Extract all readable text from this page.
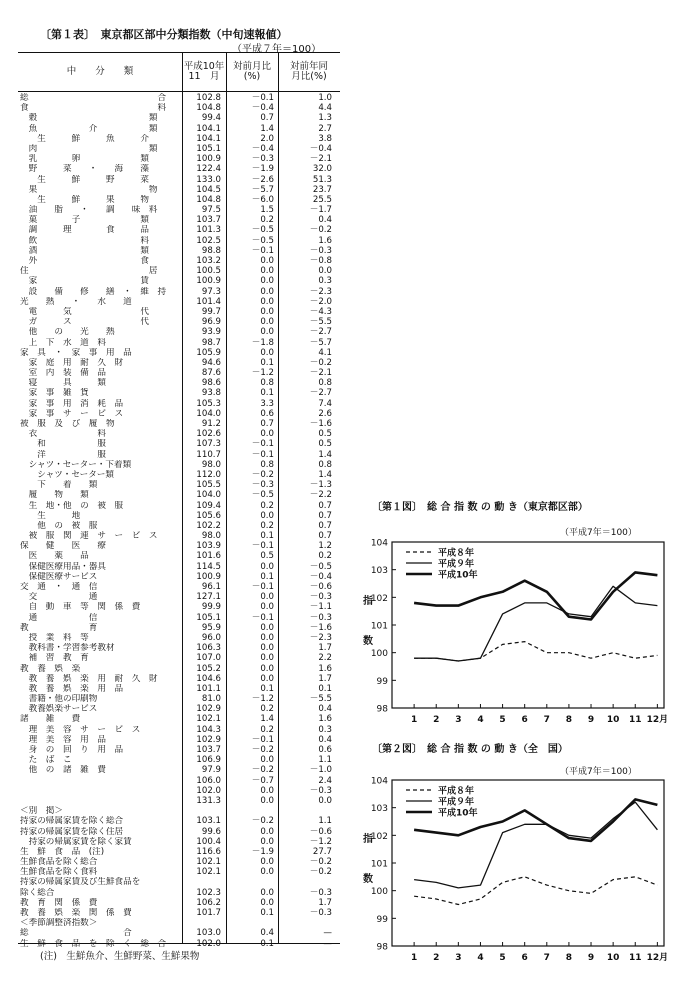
〔第１表〕　東京都区部中分類指数（中旬速報値）
（平成７年＝100）
中　　分　　類	平成10年
11　月
対前月比
(%)
対前年同
月比(%)
総　　　　　　　　　　　　　　　合	102.8	－0.1	1.0
食　　　　　　　　　　　　　　　料	104.8	－0.4	4.4
　穀　　　　　　　　　　　　　類	99.4	0.7	1.3
　魚　　　　　　介　　　　　　類	104.1	1.4	2.7
　　生　　　鮮　　　魚　　　介	104.1	2.0	3.8
　肉　　　　　　　　　　　　　類	105.1	－0.4	－0.4
　乳　　　　卵　　　　　　　類	100.9	－0.3	－2.1
　野　　　菜　　・　　海　　藻	122.4	－1.9	32.0
　　生　　　鮮　　　野　　　菜	133.0	－2.6	51.3
　果　　　　　　　　　　　　　物	104.5	－5.7	23.7
　　生　　　鮮　　　果　　　物	104.8	－6.0	25.5
　油　　脂　　・　　調　　味　料	97.5	1.5	－1.7
　菓　　　　子　　　　　　　類	103.7	0.2	0.4
　調　　　理　　　　食　　　品	101.3	－0.5	－0.2
　飲　　　　　　　　　　　　料	102.5	－0.5	1.6
　酒　　　　　　　　　　　　類	98.8	－0.1	－0.3
　外　　　　　　　　　　　　食	103.2	0.0	－0.8
住　　　　　　　　　　　　　　居	100.5	0.0	0.0
　家　　　　　　　　　　　　賃	100.9	0.0	0.3
　設　　備　　修　　繕　・　維　持	97.3	0.0	－2.3
光　　熱　　・　　水　　道	101.4	0.0	－2.0
　電　　　気　　　　　　　　代	99.7	0.0	－4.3
　ガ　　　ス　　　　　　　　代	96.9	0.0	－5.5
　他　　の　　光　　熱	93.9	0.0	－2.7
　上　下　水　道　料	98.7	－1.8	－5.7
家　具　・　家　事　用　品	105.9	0.0	4.1
　家　庭　用　耐　久　財	94.6	0.1	－0.2
　室　内　装　備　品	87.6	－1.2	－2.1
　寝　　　具　　　類	98.6	0.8	0.8
　家　事　雑　貨	93.8	0.1	－2.7
　家　事　用　消　耗　品	105.3	3.3	7.4
　家　事　サ　ー　ビ　ス	104.0	0.6	2.6
被　服　及　び　履　物	91.2	0.7	－1.6
　衣　　　　　　　料	102.6	0.0	0.5
　　和　　　　　　服	107.3	－0.1	0.5
　　洋　　　　　　服	110.7	－0.1	1.4
　シャツ・セーター・下着類	98.0	0.8	0.8
　　シャツ・セーター類	112.0	－0.2	1.4
　　下　　着　　類	105.5	－0.3	－1.3
　履　　物　　類	104.0	－0.5	－2.2
　生　地・他　の　被　服	109.4	0.2	0.7
　　生　　　地	105.6	0.0	0.7
　　他　の　被　服	102.2	0.2	0.7
　被　服　関　連　サ　ー　ビ　ス	98.0	0.1	0.7
保　　健　　医　　療	103.9	－0.1	1.2
　医　　薬　　品	101.6	0.5	0.2
　保健医療用品・器具	114.5	0.0	－0.5
　保健医療サービス	100.9	0.1	－0.4
交　通　・　通　信	96.1	－0.1	－0.6
　交　　　　　　通	127.1	0.0	－0.3
　自　動　車　等　関　係　費	99.9	0.0	－1.1
　通　　　　　　信	105.1	－0.1	－0.3
教　　　　　　　育	95.9	0.0	－1.6
　授　業　料　等	96.0	0.0	－2.3
　教科書・学習参考教材	106.3	0.0	1.7
　補　習　教　育	107.0	0.0	2.2
教　養　娯　楽	105.2	0.0	1.6
　教　養　娯　楽　用　耐　久　財	104.6	0.0	1.7
　教　養　娯　楽　用　品	101.1	0.1	0.1
　書籍・他の印刷物	81.0	－1.2	－5.5
　教養娯楽サービス	102.9	0.2	0.4
諸　　雑　　費	102.1	1.4	1.6
　理　美　容　サ　ー　ビ　ス	104.3	0.2	0.3
　理　美　容　用　品	102.9	－0.1	0.4
　身　の　回　り　用　品	103.7	－0.2	0.6
　た　ば　こ	106.9	0.0	1.1
　他　の　諸　雑　費	97.9	－0.2	－1.0
106.0	－0.7	2.4
102.0	0.0	－0.3
131.3	0.0	0.0
＜別　掲＞
持家の帰属家賃を除く総合	103.1	－0.2	1.1
持家の帰属家賃を除く住居	99.6	0.0	－0.6
　持家の帰属家賃を除く家賃	100.4	0.0	－1.2
生　鮮　食　品　(注)	116.6	－1.9	27.7
生鮮食品を除く総合	102.1	0.0	－0.2
生鮮食品を除く食料	102.1	0.0	－0.2
持家の帰属家賃及び生鮮食品を
除く総合	102.3	0.0	－0.3
教　育　関　係　費	106.2	0.0	1.7
教　養　娯　楽　関　係　費	101.7	0.1	－0.3
＜季節調整済指数＞
総　　　　　　　　　　　合	103.0	0.4	—
生　鮮　食　品　を　除　く　総　合	102.0	0.1	—
(注)　生鮮魚介、生鮮野菜、生鮮果物
〔第１図〕　総 合 指 数 の 動 き（東京都区部）
（平成7年＝100）
98
99
100
101
102
103
104
1 2 3 4 5 6 7 8 9 10 11 12月
指
数
平成８年
平成９年
平成10年
〔第２図〕　総 合 指 数 の 動 き（全　国）
（平成7年＝100）
98
99
100
101
102
103
104
1 2 3 4 5 6 7 8 9 10 11 12月
指
数
平成８年
平成９年
平成10年
